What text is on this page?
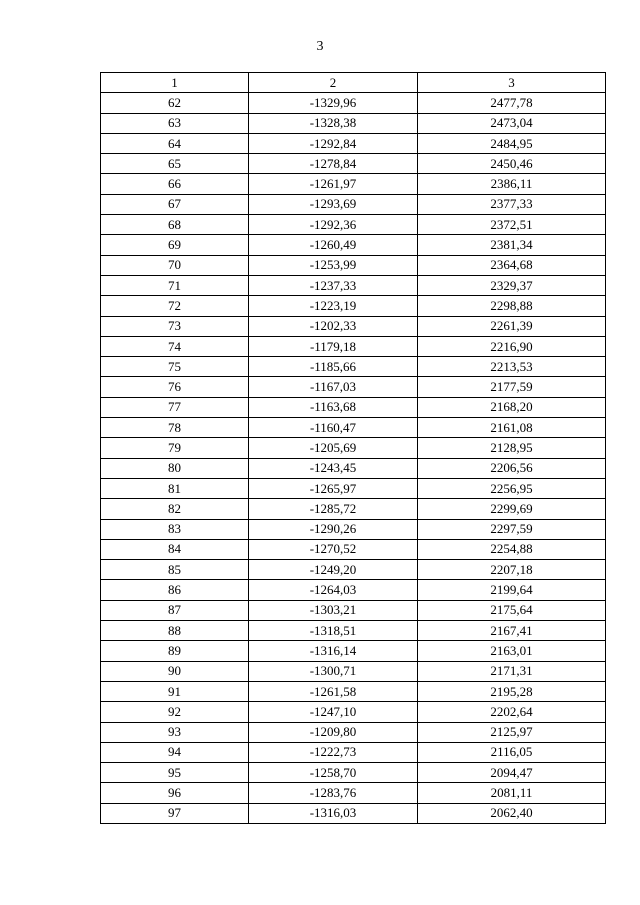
3
1	2	3
62	-1329,96	2477,78
63	-1328,38	2473,04
64	-1292,84	2484,95
65	-1278,84	2450,46
66	-1261,97	2386,11
67	-1293,69	2377,33
68	-1292,36	2372,51
69	-1260,49	2381,34
70	-1253,99	2364,68
71	-1237,33	2329,37
72	-1223,19	2298,88
73	-1202,33	2261,39
74	-1179,18	2216,90
75	-1185,66	2213,53
76	-1167,03	2177,59
77	-1163,68	2168,20
78	-1160,47	2161,08
79	-1205,69	2128,95
80	-1243,45	2206,56
81	-1265,97	2256,95
82	-1285,72	2299,69
83	-1290,26	2297,59
84	-1270,52	2254,88
85	-1249,20	2207,18
86	-1264,03	2199,64
87	-1303,21	2175,64
88	-1318,51	2167,41
89	-1316,14	2163,01
90	-1300,71	2171,31
91	-1261,58	2195,28
92	-1247,10	2202,64
93	-1209,80	2125,97
94	-1222,73	2116,05
95	-1258,70	2094,47
96	-1283,76	2081,11
97	-1316,03	2062,40
